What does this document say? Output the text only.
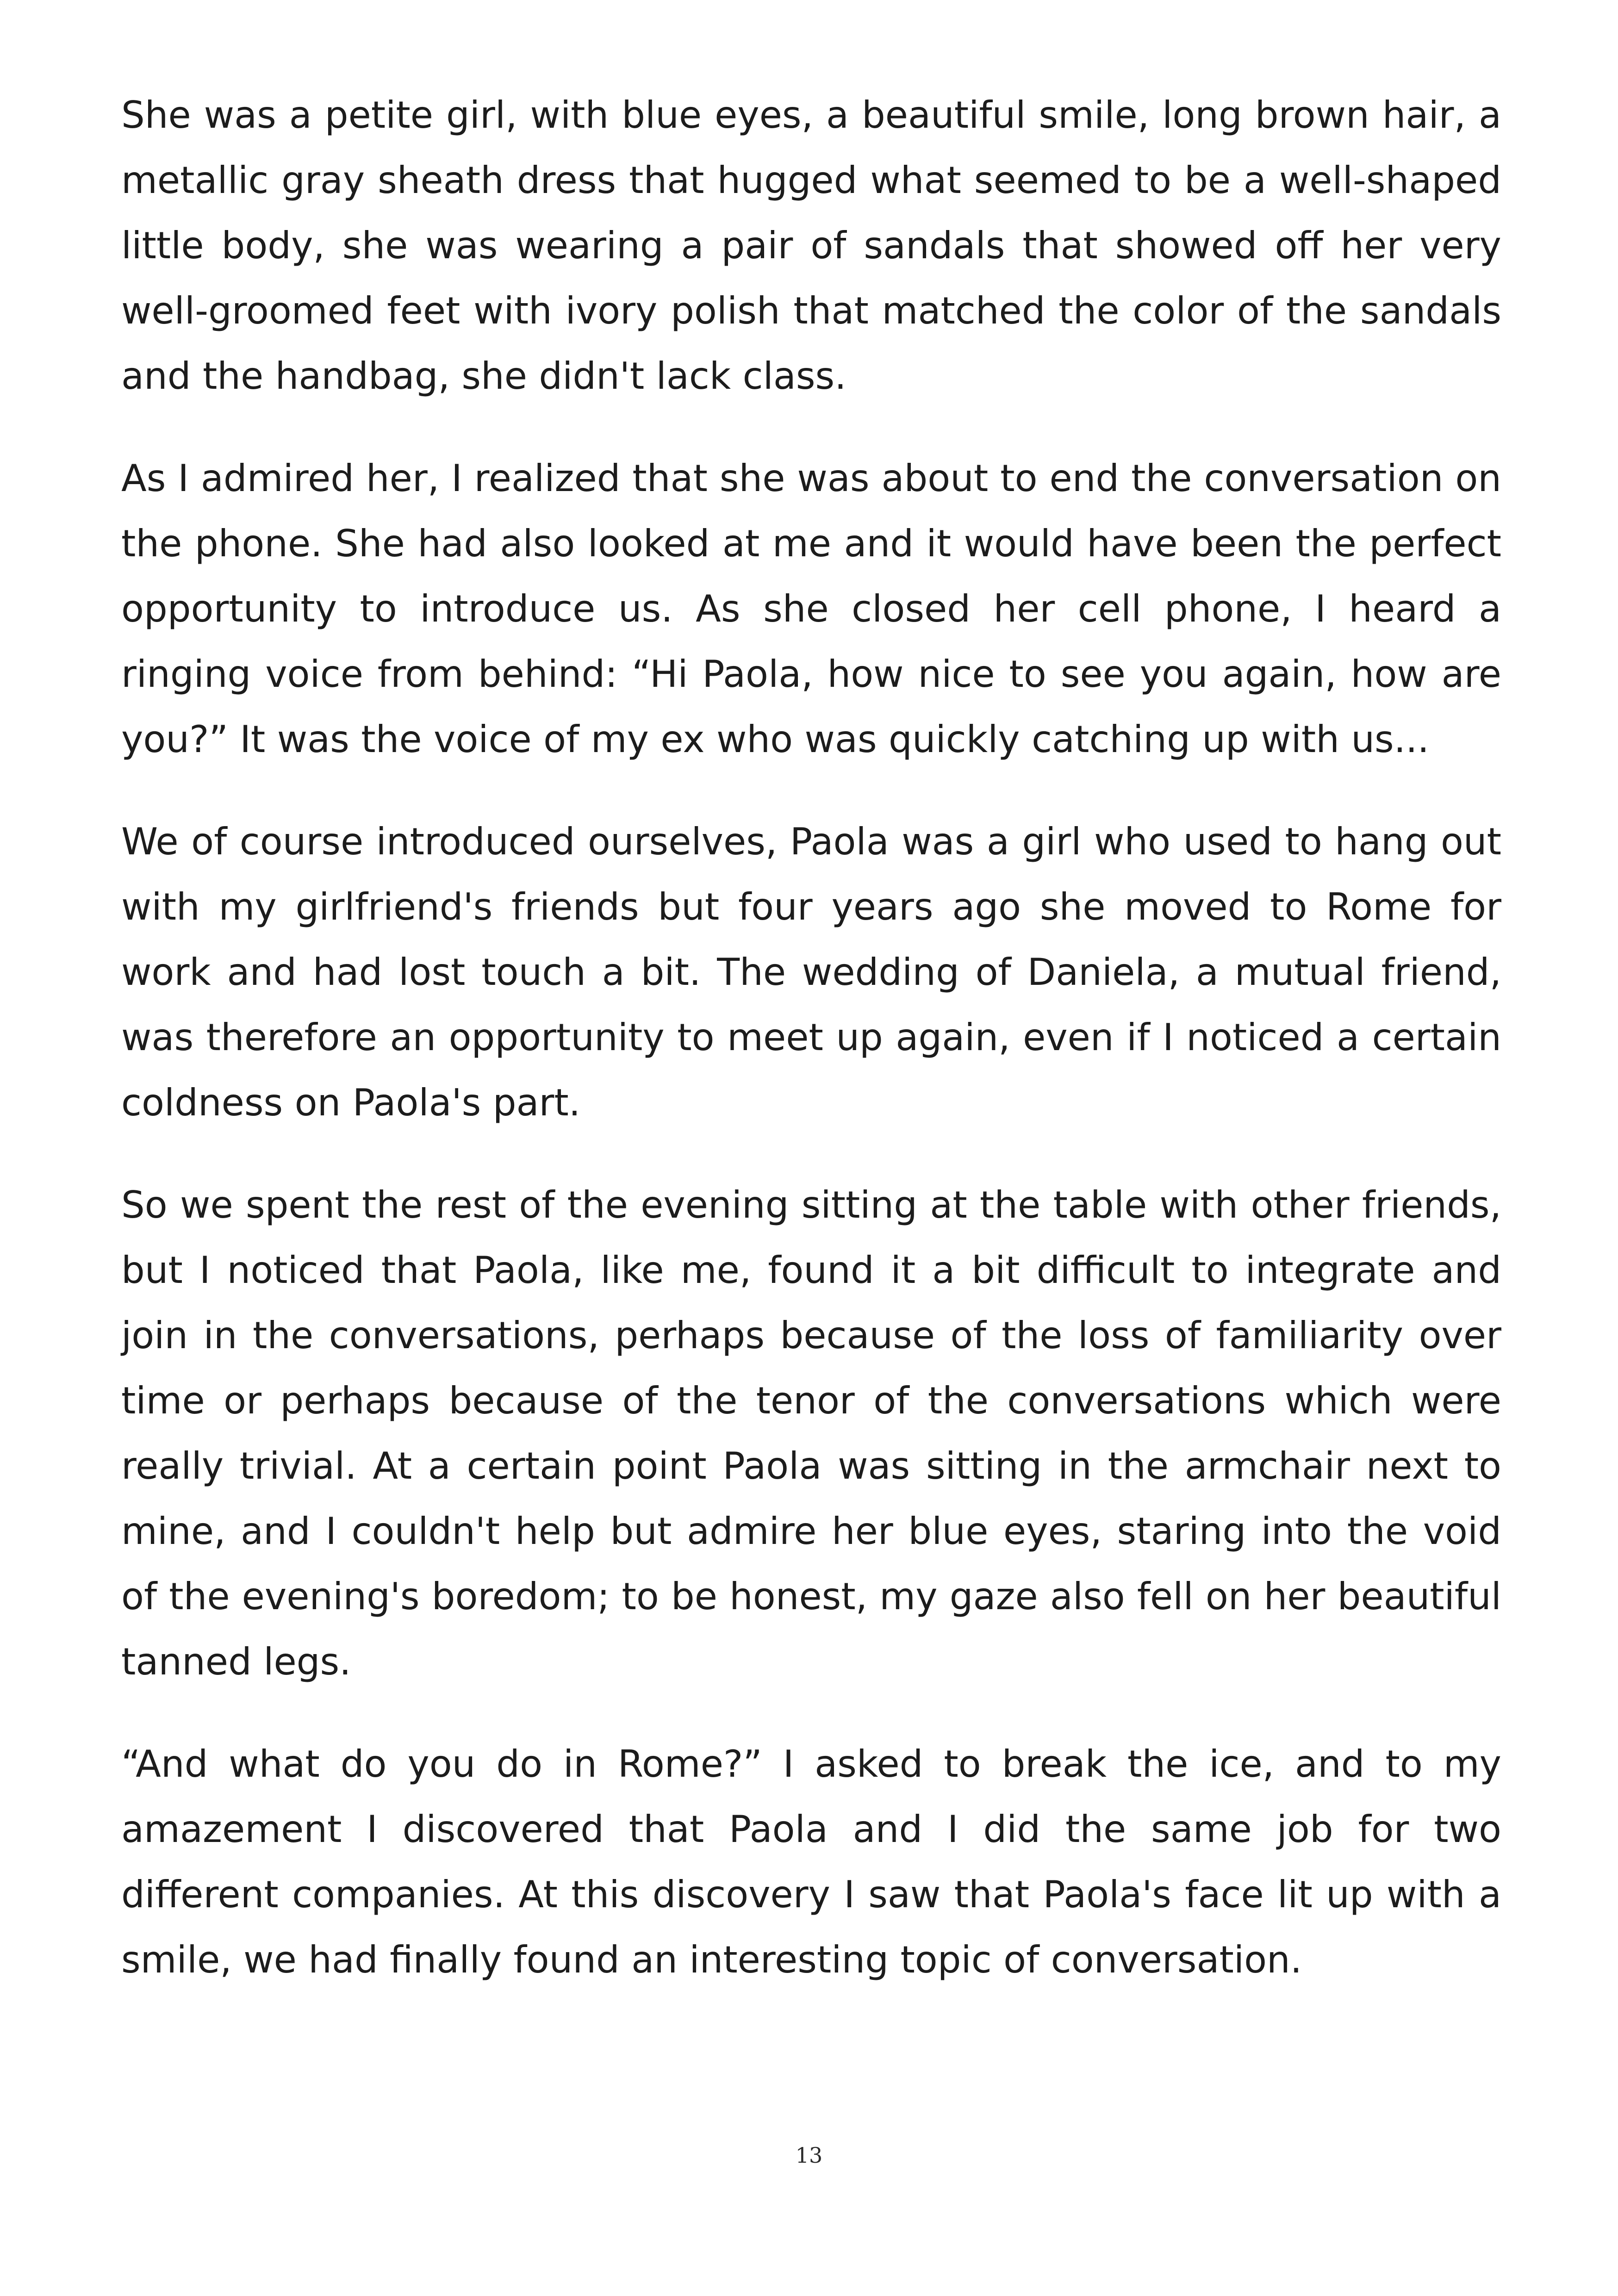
She was a petite girl, with blue eyes, a beautiful smile, long brown hair, a metallic gray sheath dress that hugged what seemed to be a well-shaped little body, she was wearing a pair of sandals that showed off her very well-groomed feet with ivory polish that matched the color of the sandals and the handbag, she didn't lack class.

As I admired her, I realized that she was about to end the conversation on the phone. She had also looked at me and it would have been the perfect opportunity to introduce us. As she closed her cell phone, I heard a ringing voice from behind: “Hi Paola, how nice to see you again, how are you?” It was the voice of my ex who was quickly catching up with us...

We of course introduced ourselves, Paola was a girl who used to hang out with my girlfriend's friends but four years ago she moved to Rome for work and had lost touch a bit. The wedding of Daniela, a mutual friend, was therefore an opportunity to meet up again, even if I noticed a certain coldness on Paola's part.

So we spent the rest of the evening sitting at the table with other friends, but I noticed that Paola, like me, found it a bit difficult to integrate and join in the conversations, perhaps because of the loss of familiarity over time or perhaps because of the tenor of the conversations which were really trivial. At a certain point Paola was sitting in the armchair next to mine, and I couldn't help but admire her blue eyes, staring into the void of the evening's boredom; to be honest, my gaze also fell on her beautiful tanned legs.

“And what do you do in Rome?” I asked to break the ice, and to my amazement I discovered that Paola and I did the same job for two different companies. At this discovery I saw that Paola's face lit up with a smile, we had finally found an interesting topic of conversation.

13
